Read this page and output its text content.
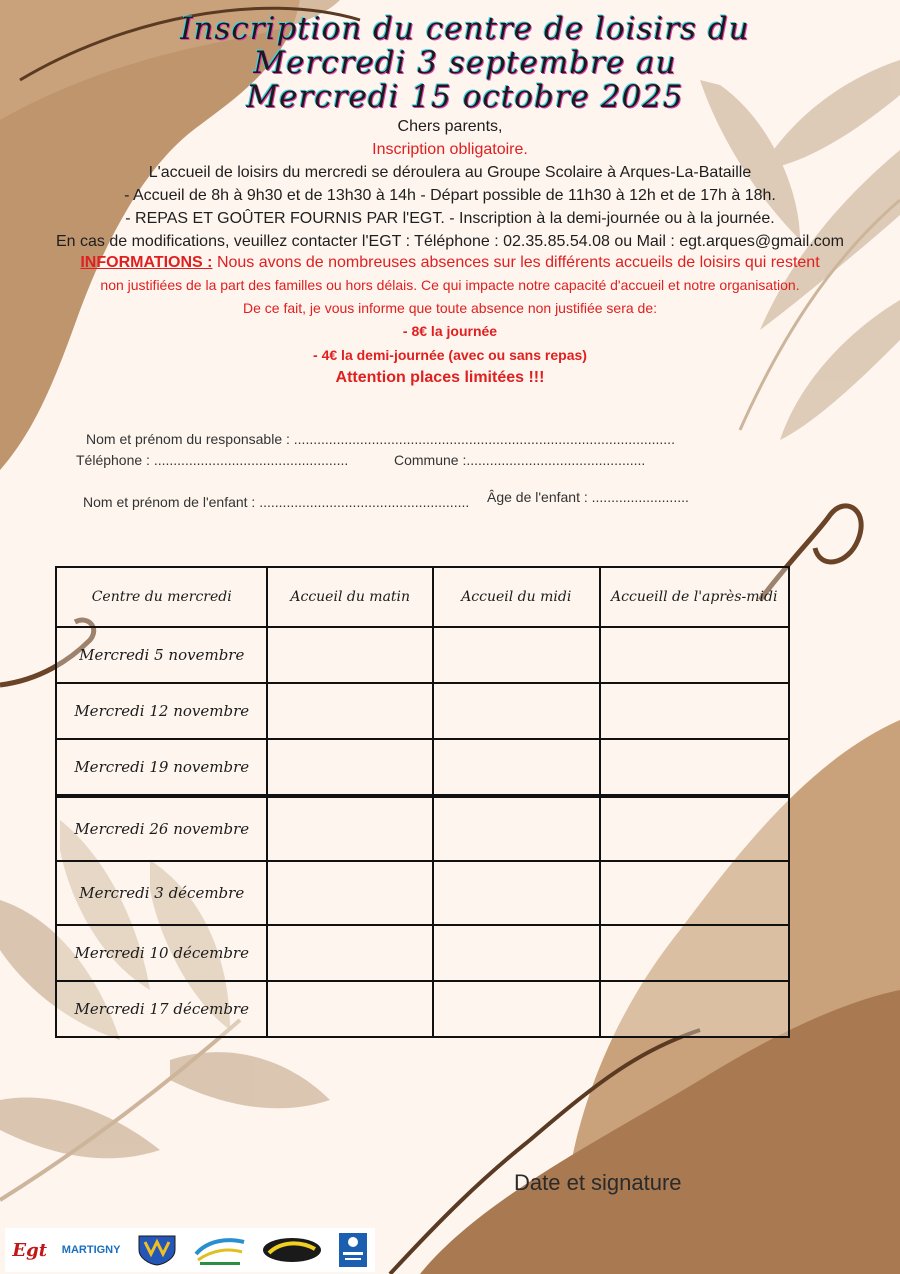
Inscription du centre de loisirs du
Mercredi 3 septembre au
Mercredi 15 octobre 2025
Chers parents,
Inscription obligatoire.
L'accueil de loisirs du mercredi se déroulera au Groupe Scolaire à Arques-La-Bataille
- Accueil de 8h à 9h30 et de 13h30 à 14h - Départ possible de 11h30 à 12h et de 17h à 18h.
- REPAS ET GOÛTER FOURNIS PAR l'EGT. - Inscription à la demi-journée ou à la journée.
En cas de modifications, veuillez contacter l'EGT : Téléphone : 02.35.85.54.08 ou Mail : egt.arques@gmail.com
INFORMATIONS : Nous avons de nombreuses absences sur les différents accueils de loisirs qui restent
non justifiées de la part des familles ou hors délais. Ce qui impacte notre capacité d'accueil et notre organisation.
De ce fait, je vous informe que toute absence non justifiée sera de:
- 8€ la journée
- 4€ la demi-journée (avec ou sans repas)
Attention places limitées !!!
Nom et prénom du responsable : ..................................................................................................
Téléphone : ..................................................	Commune :..............................................
Nom et prénom de l'enfant : ...................................................... Âge de l'enfant : .........................
Centre du mercredi	Accueil du matin	Accueil du midi	Accueill de l'après-midi
Mercredi 5 novembre			
Mercredi 12 novembre			
Mercredi 19 novembre			
Mercredi 26 novembre			
Mercredi 3 décembre			
Mercredi 10 décembre			
Mercredi 17 décembre			
Date et signature
Egt MARTIGNY
